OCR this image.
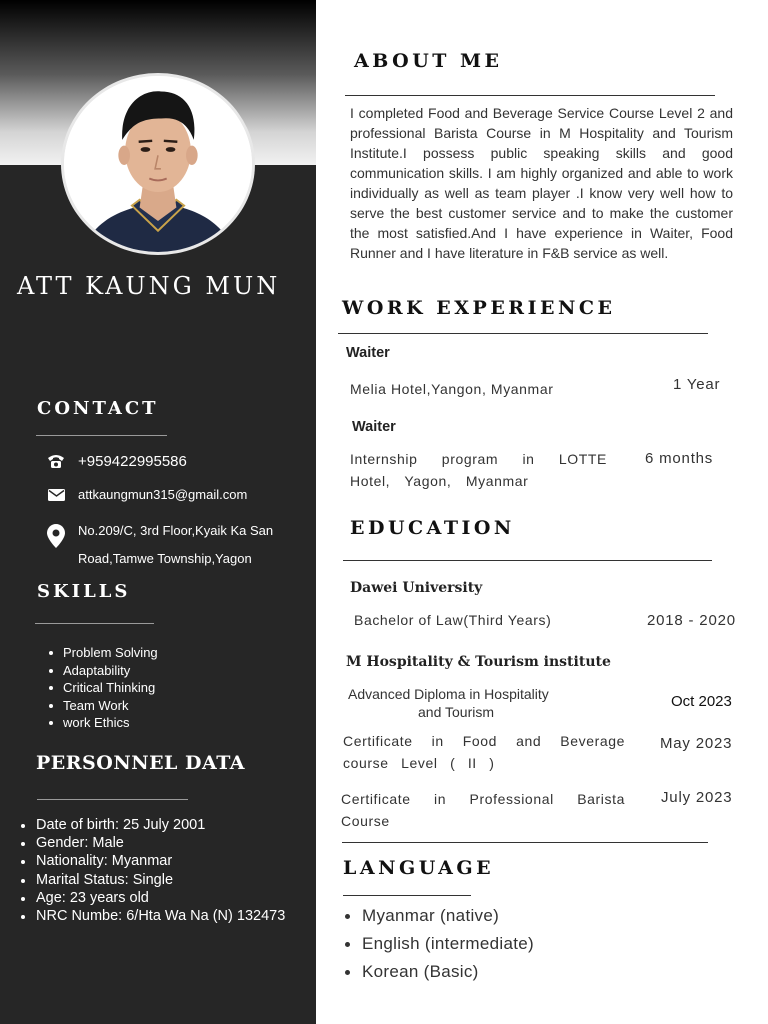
ATT KAUNG MUN
CONTACT
+959422995586
attkaungmun315@gmail.com
No.209/C, 3rd Floor,Kyaik Ka San
Road,Tamwe Township,Yagon
SKILLS
Problem Solving
Adaptability
Critical Thinking
Team Work
work Ethics
PERSONNEL DATA
Date of birth: 25 July 2001
Gender: Male
Nationality: Myanmar
Marital Status: Single
Age: 23 years old
NRC Numbe: 6/Hta Wa Na (N) 132473
ABOUT ME
I completed Food and Beverage Service Course Level 2 and professional Barista Course in M Hospitality and Tourism Institute.I possess public speaking skills and good communication skills. I am highly organized and able to work individually as well as team player .I know very well how to serve the best customer service and to make the customer the most satisfied.And I have experience in Waiter, Food Runner and I have literature in F&B service as well.
WORK EXPERIENCE
Waiter
Melia Hotel,Yangon, Myanmar	1 Year
Waiter
Internship program in LOTTE Hotel, Yagon, Myanmar
6 months
EDUCATION
Dawei University
Bachelor of Law(Third Years)	2018 - 2020
M Hospitality & Tourism institute
Advanced Diploma in Hospitality
and Tourism
Oct 2023
Certificate in Food and Beverage course Level ( II )
May 2023
Certificate in Professional Barista Course
July 2023
LANGUAGE
Myanmar (native)
English (intermediate)
Korean (Basic)
